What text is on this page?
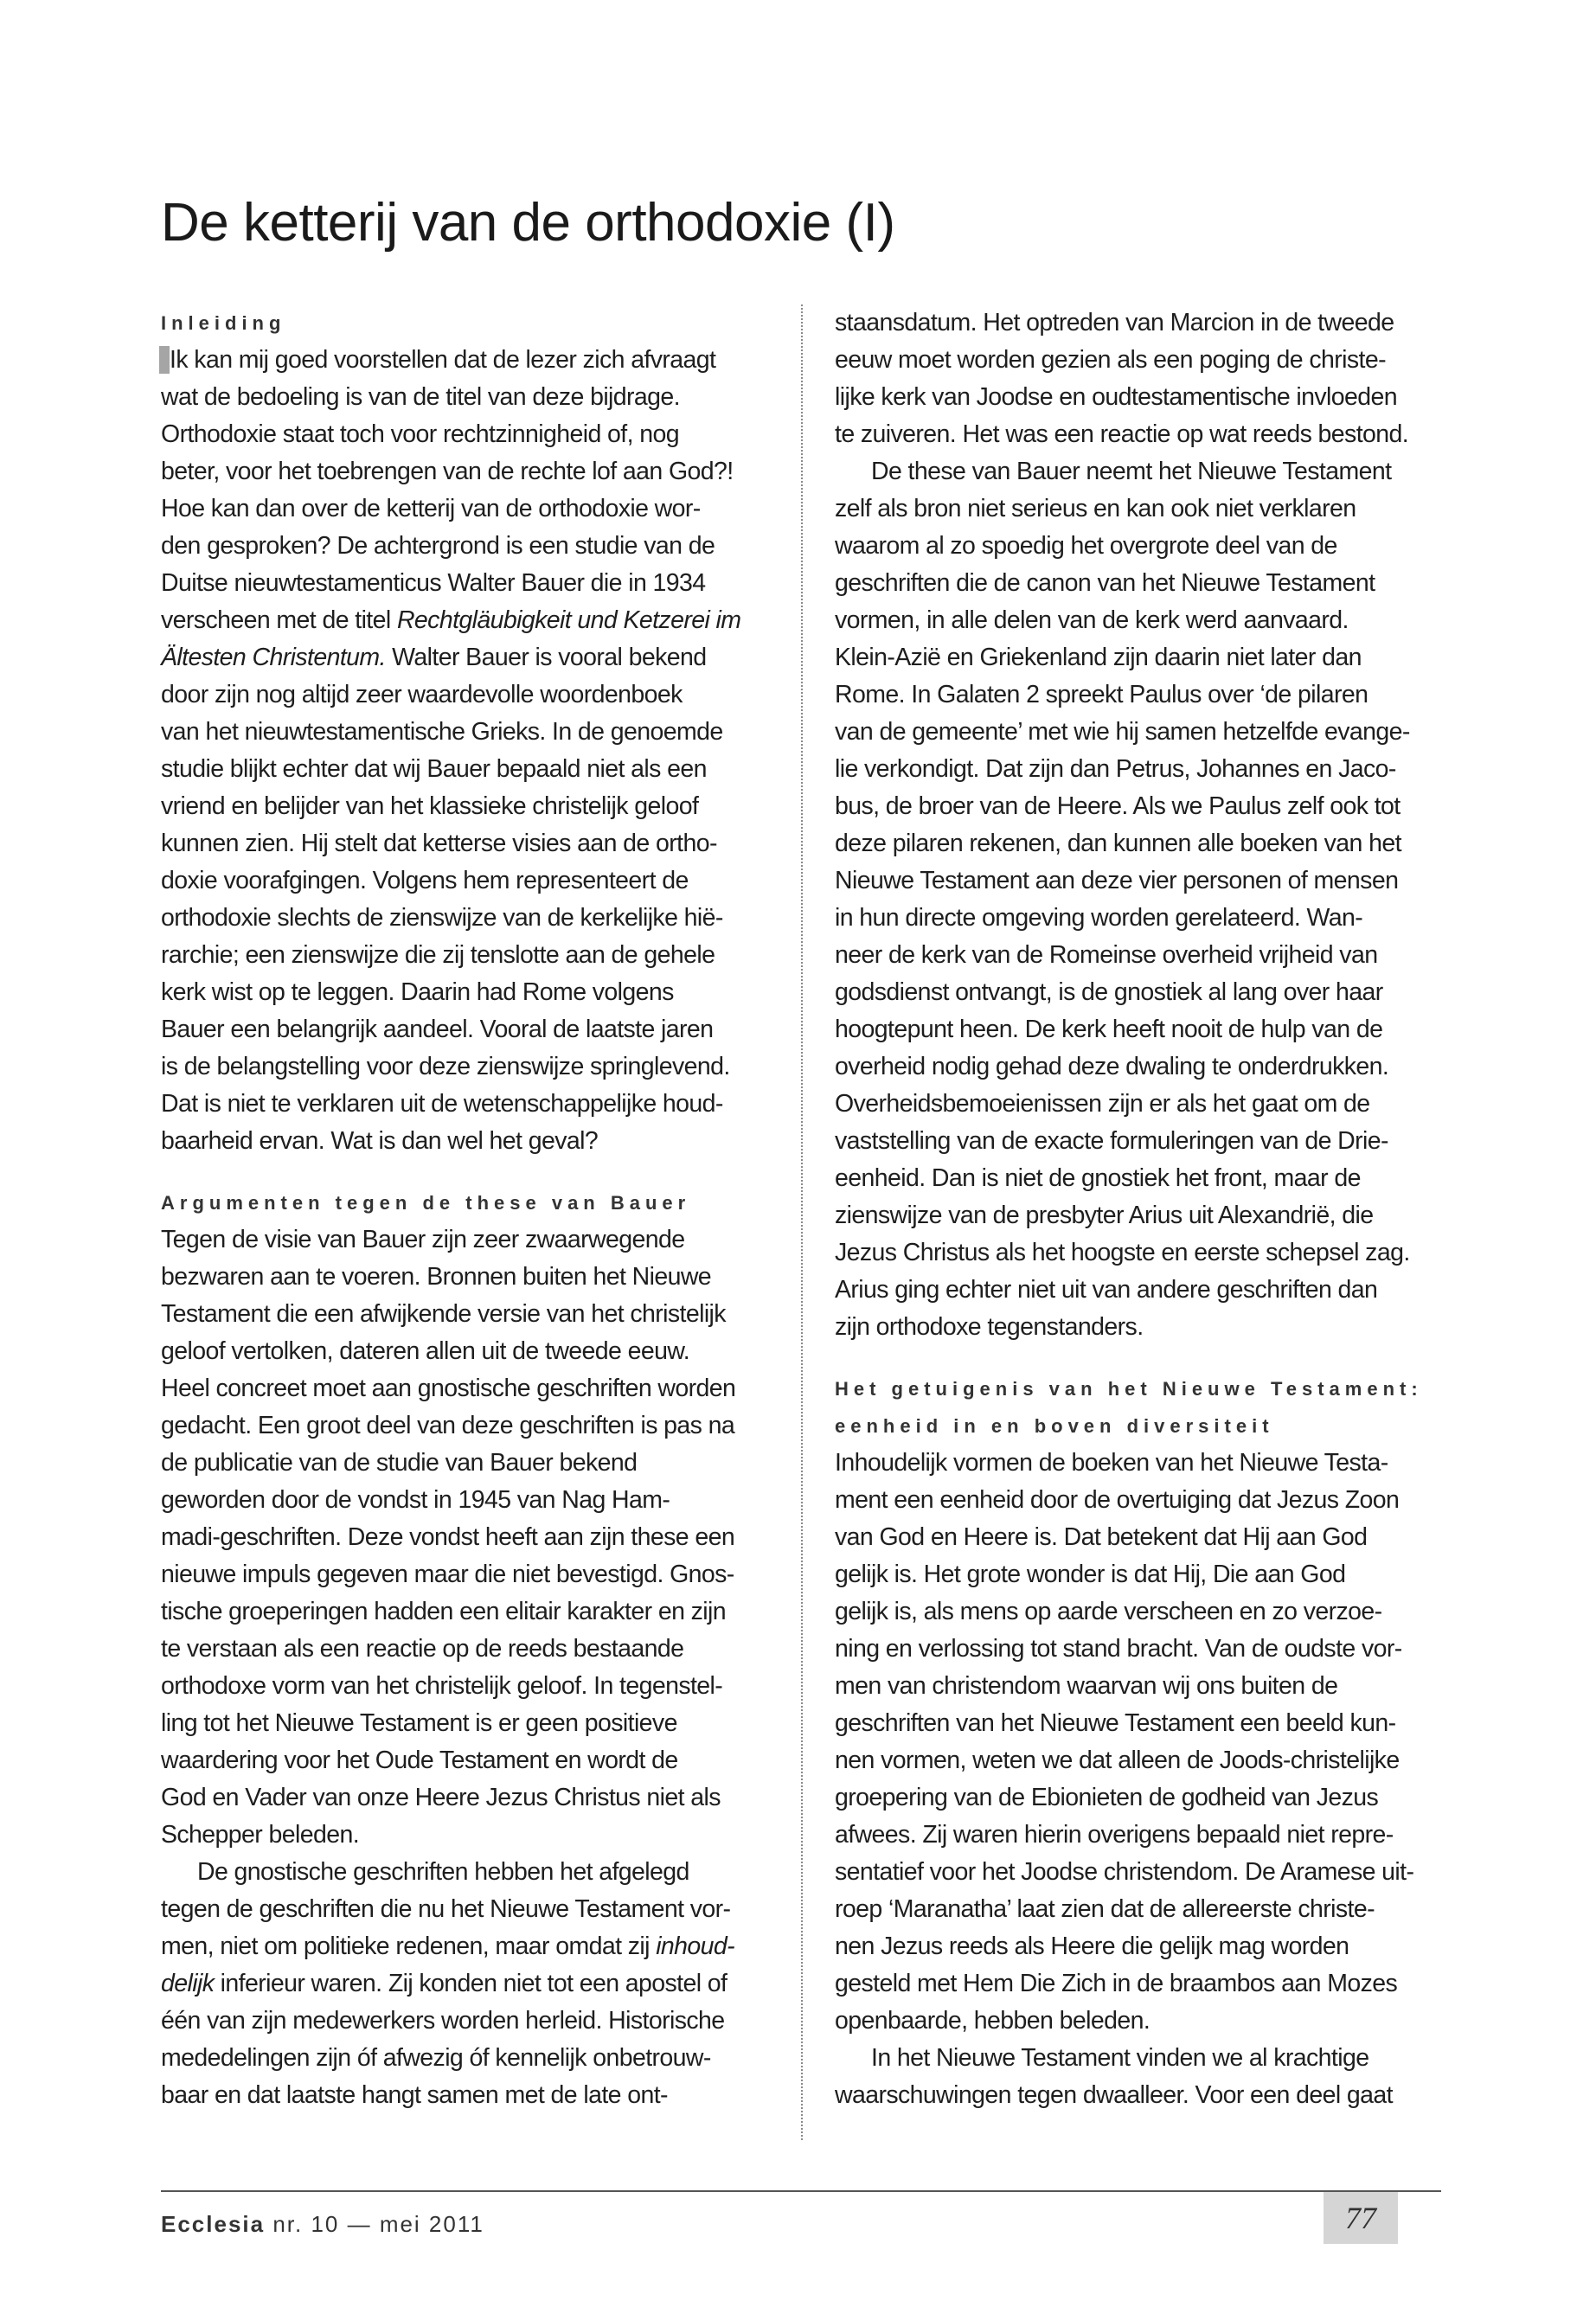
De ketterij van de orthodoxie (I)
Inleiding
Ik kan mij goed voorstellen dat de lezer zich afvraagt
wat de bedoeling is van de titel van deze bijdrage.
Orthodoxie staat toch voor rechtzinnigheid of, nog
beter, voor het toebrengen van de rechte lof aan God?!
Hoe kan dan over de ketterij van de orthodoxie wor-
den gesproken? De achtergrond is een studie van de
Duitse nieuwtestamenticus Walter Bauer die in 1934
verscheen met de titel Rechtgläubigkeit und Ketzerei im
Ältesten Christentum. Walter Bauer is vooral bekend
door zijn nog altijd zeer waardevolle woordenboek
van het nieuwtestamentische Grieks. In de genoemde
studie blijkt echter dat wij Bauer bepaald niet als een
vriend en belijder van het klassieke christelijk geloof
kunnen zien. Hij stelt dat ketterse visies aan de ortho-
doxie voorafgingen. Volgens hem representeert de
orthodoxie slechts de zienswijze van de kerkelijke hië-
rarchie; een zienswijze die zij tenslotte aan de gehele
kerk wist op te leggen. Daarin had Rome volgens
Bauer een belangrijk aandeel. Vooral de laatste jaren
is de belangstelling voor deze zienswijze springlevend.
Dat is niet te verklaren uit de wetenschappelijke houd-
baarheid ervan. Wat is dan wel het geval?
Argumenten tegen de these van Bauer
Tegen de visie van Bauer zijn zeer zwaarwegende
bezwaren aan te voeren. Bronnen buiten het Nieuwe
Testament die een afwijkende versie van het christelijk
geloof vertolken, dateren allen uit de tweede eeuw.
Heel concreet moet aan gnostische geschriften worden
gedacht. Een groot deel van deze geschriften is pas na
de publicatie van de studie van Bauer bekend
geworden door de vondst in 1945 van Nag Ham-
madi-geschriften. Deze vondst heeft aan zijn these een
nieuwe impuls gegeven maar die niet bevestigd. Gnos-
tische groeperingen hadden een elitair karakter en zijn
te verstaan als een reactie op de reeds bestaande
orthodoxe vorm van het christelijk geloof. In tegenstel-
ling tot het Nieuwe Testament is er geen positieve
waardering voor het Oude Testament en wordt de
God en Vader van onze Heere Jezus Christus niet als
Schepper beleden.
De gnostische geschriften hebben het afgelegd
tegen de geschriften die nu het Nieuwe Testament vor-
men, niet om politieke redenen, maar omdat zij inhoud-
delijk inferieur waren. Zij konden niet tot een apostel of
één van zijn medewerkers worden herleid. Historische
mededelingen zijn óf afwezig óf kennelijk onbetrouw-
baar en dat laatste hangt samen met de late ont-
staansdatum. Het optreden van Marcion in de tweede
eeuw moet worden gezien als een poging de christe-
lijke kerk van Joodse en oudtestamentische invloeden
te zuiveren. Het was een reactie op wat reeds bestond.
De these van Bauer neemt het Nieuwe Testament
zelf als bron niet serieus en kan ook niet verklaren
waarom al zo spoedig het overgrote deel van de
geschriften die de canon van het Nieuwe Testament
vormen, in alle delen van de kerk werd aanvaard.
Klein-Azië en Griekenland zijn daarin niet later dan
Rome. In Galaten 2 spreekt Paulus over ‘de pilaren
van de gemeente’ met wie hij samen hetzelfde evange-
lie verkondigt. Dat zijn dan Petrus, Johannes en Jaco-
bus, de broer van de Heere. Als we Paulus zelf ook tot
deze pilaren rekenen, dan kunnen alle boeken van het
Nieuwe Testament aan deze vier personen of mensen
in hun directe omgeving worden gerelateerd. Wan-
neer de kerk van de Romeinse overheid vrijheid van
godsdienst ontvangt, is de gnostiek al lang over haar
hoogtepunt heen. De kerk heeft nooit de hulp van de
overheid nodig gehad deze dwaling te onderdrukken.
Overheidsbemoeienissen zijn er als het gaat om de
vaststelling van de exacte formuleringen van de Drie-
eenheid. Dan is niet de gnostiek het front, maar de
zienswijze van de presbyter Arius uit Alexandrië, die
Jezus Christus als het hoogste en eerste schepsel zag.
Arius ging echter niet uit van andere geschriften dan
zijn orthodoxe tegenstanders.
Het getuigenis van het Nieuwe Testament:
eenheid in en boven diversiteit
Inhoudelijk vormen de boeken van het Nieuwe Testa-
ment een eenheid door de overtuiging dat Jezus Zoon
van God en Heere is. Dat betekent dat Hij aan God
gelijk is. Het grote wonder is dat Hij, Die aan God
gelijk is, als mens op aarde verscheen en zo verzoe-
ning en verlossing tot stand bracht. Van de oudste vor-
men van christendom waarvan wij ons buiten de
geschriften van het Nieuwe Testament een beeld kun-
nen vormen, weten we dat alleen de Joods-christelijke
groepering van de Ebionieten de godheid van Jezus
afwees. Zij waren hierin overigens bepaald niet repre-
sentatief voor het Joodse christendom. De Aramese uit-
roep ‘Maranatha’ laat zien dat de allereerste christe-
nen Jezus reeds als Heere die gelijk mag worden
gesteld met Hem Die Zich in de braambos aan Mozes
openbaarde, hebben beleden.
In het Nieuwe Testament vinden we al krachtige
waarschuwingen tegen dwaalleer. Voor een deel gaat
Ecclesia nr. 10 — mei 2011	77
